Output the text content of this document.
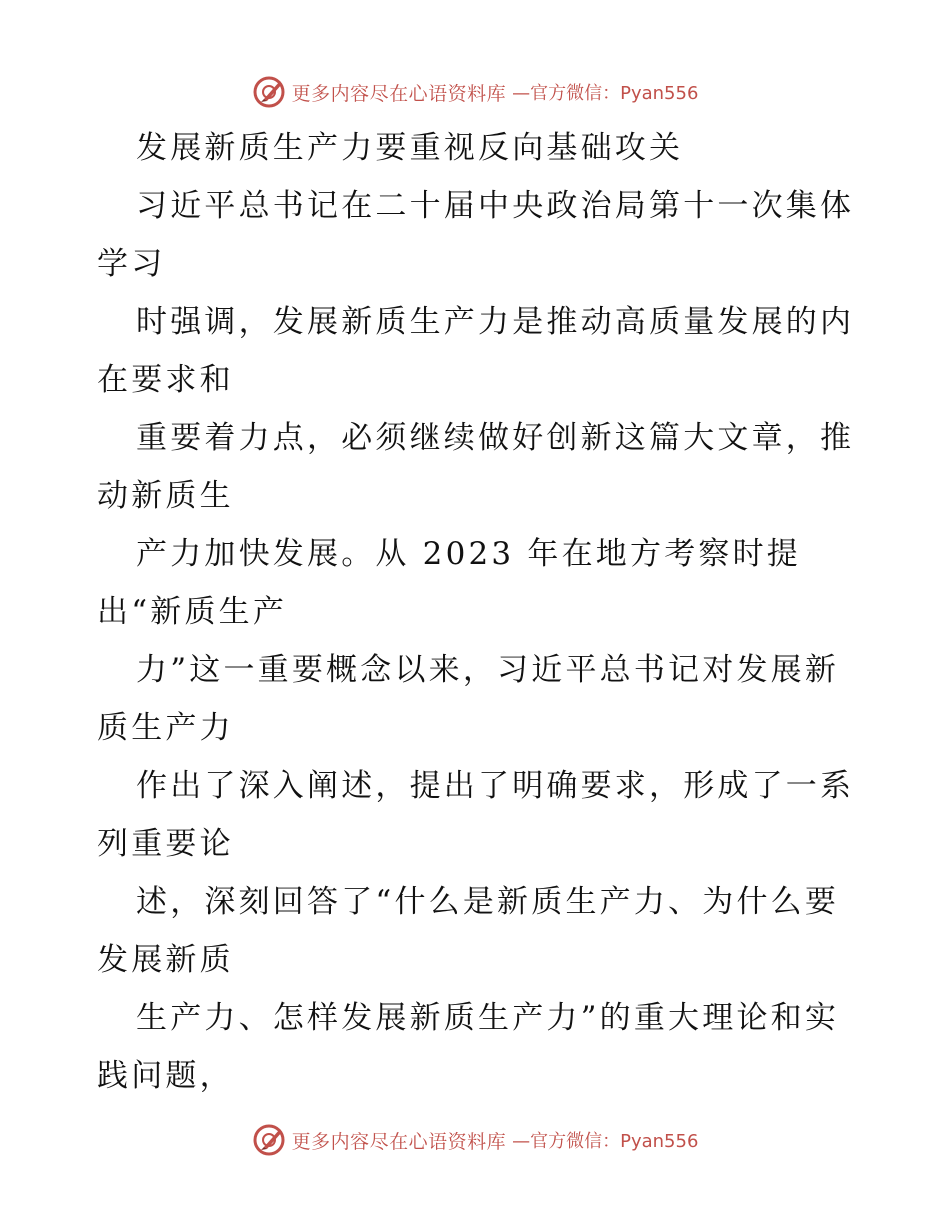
更多内容尽在心语资料库 —官方微信：Pyan556
发展新质生产力要重视反向基础攻关
习近平总书记在二十届中央政治局第十一次集体
学习
时强调，发展新质生产力是推动高质量发展的内
在要求和
重要着力点，必须继续做好创新这篇大文章，推
动新质生
产力加快发展。从 2023 年在地方考察时提
出“新质生产
力”这一重要概念以来，习近平总书记对发展新
质生产力
作出了深入阐述，提出了明确要求，形成了一系
列重要论
述，深刻回答了“什么是新质生产力、为什么要
发展新质
生产力、怎样发展新质生产力”的重大理论和实
践问题，
更多内容尽在心语资料库 —官方微信：Pyan556
